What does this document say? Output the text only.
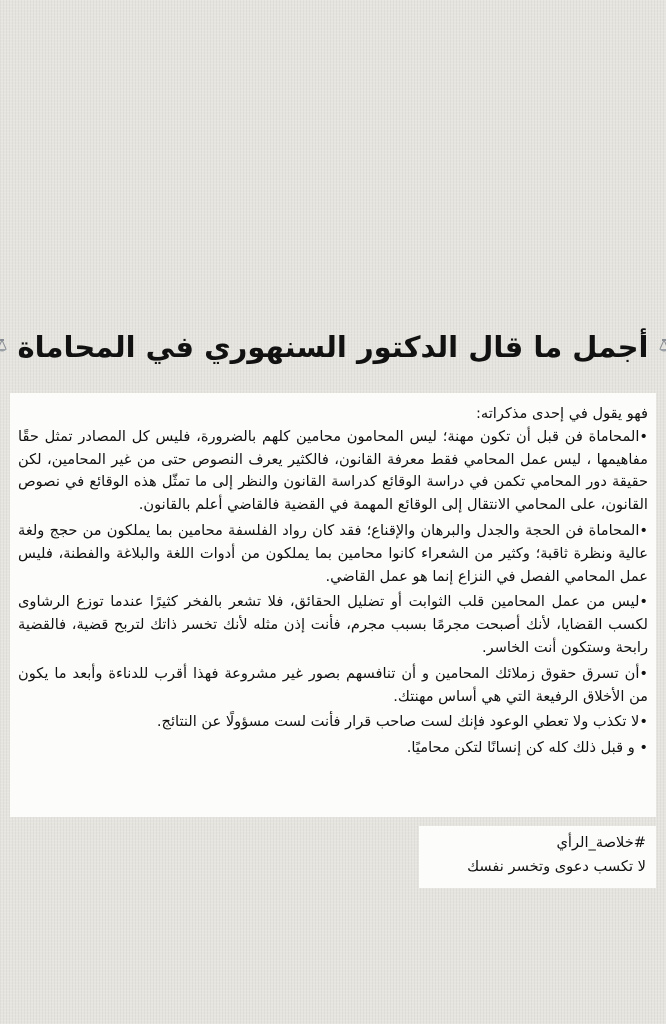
أجمل ما قال الدكتور السنهوري في المحاماة

فهو يقول في إحدى مذكراته:

•المحاماة فن قبل أن تكون مهنة؛ ليس المحامون محامين كلهم بالضرورة، فليس كل المصادر تمثل حقًا مفاهيمها ، ليس عمل المحامي فقط معرفة القانون، فالكثير يعرف النصوص حتى من غير المحامين، لكن حقيقة دور المحامي تكمن في دراسة الوقائع كدراسة القانون والنظر إلى ما تمثّل هذه الوقائع في نصوص القانون، على المحامي الانتقال إلى الوقائع المهمة في القضية فالقاضي أعلم بالقانون.

•المحاماة فن الحجة والجدل والبرهان والإقناع؛ فقد كان رواد الفلسفة محامين بما يملكون من حجج ولغة عالية ونظرة ثاقبة؛ وكثير من الشعراء كانوا محامين بما يملكون من أدوات اللغة والبلاغة والفطنة، فليس عمل المحامي الفصل في النزاع إنما هو عمل القاضي.

•ليس من عمل المحامين قلب الثوابت أو تضليل الحقائق، فلا تشعر بالفخر كثيرًا عندما توزع الرشاوى لكسب القضايا، لأنك أصبحت مجرمًا بسبب مجرم، فأنت إذن مثله لأنك تخسر ذاتك لتربح قضية، فالقضية رابحة وستكون أنت الخاسر.

•أن تسرق حقوق زملائك المحامين و أن تنافسهم بصور غير مشروعة فهذا أقرب للدناءة وأبعد ما يكون من الأخلاق الرفيعة التي هي أساس مهنتك.

•لا تكذب ولا تعطي الوعود فإنك لست صاحب قرار فأنت لست مسؤولًا عن النتائج.

• و قبل ذلك كله كن إنسانًا لتكن محاميًا.

#خلاصة_الرأي
لا تكسب دعوى وتخسر نفسك
